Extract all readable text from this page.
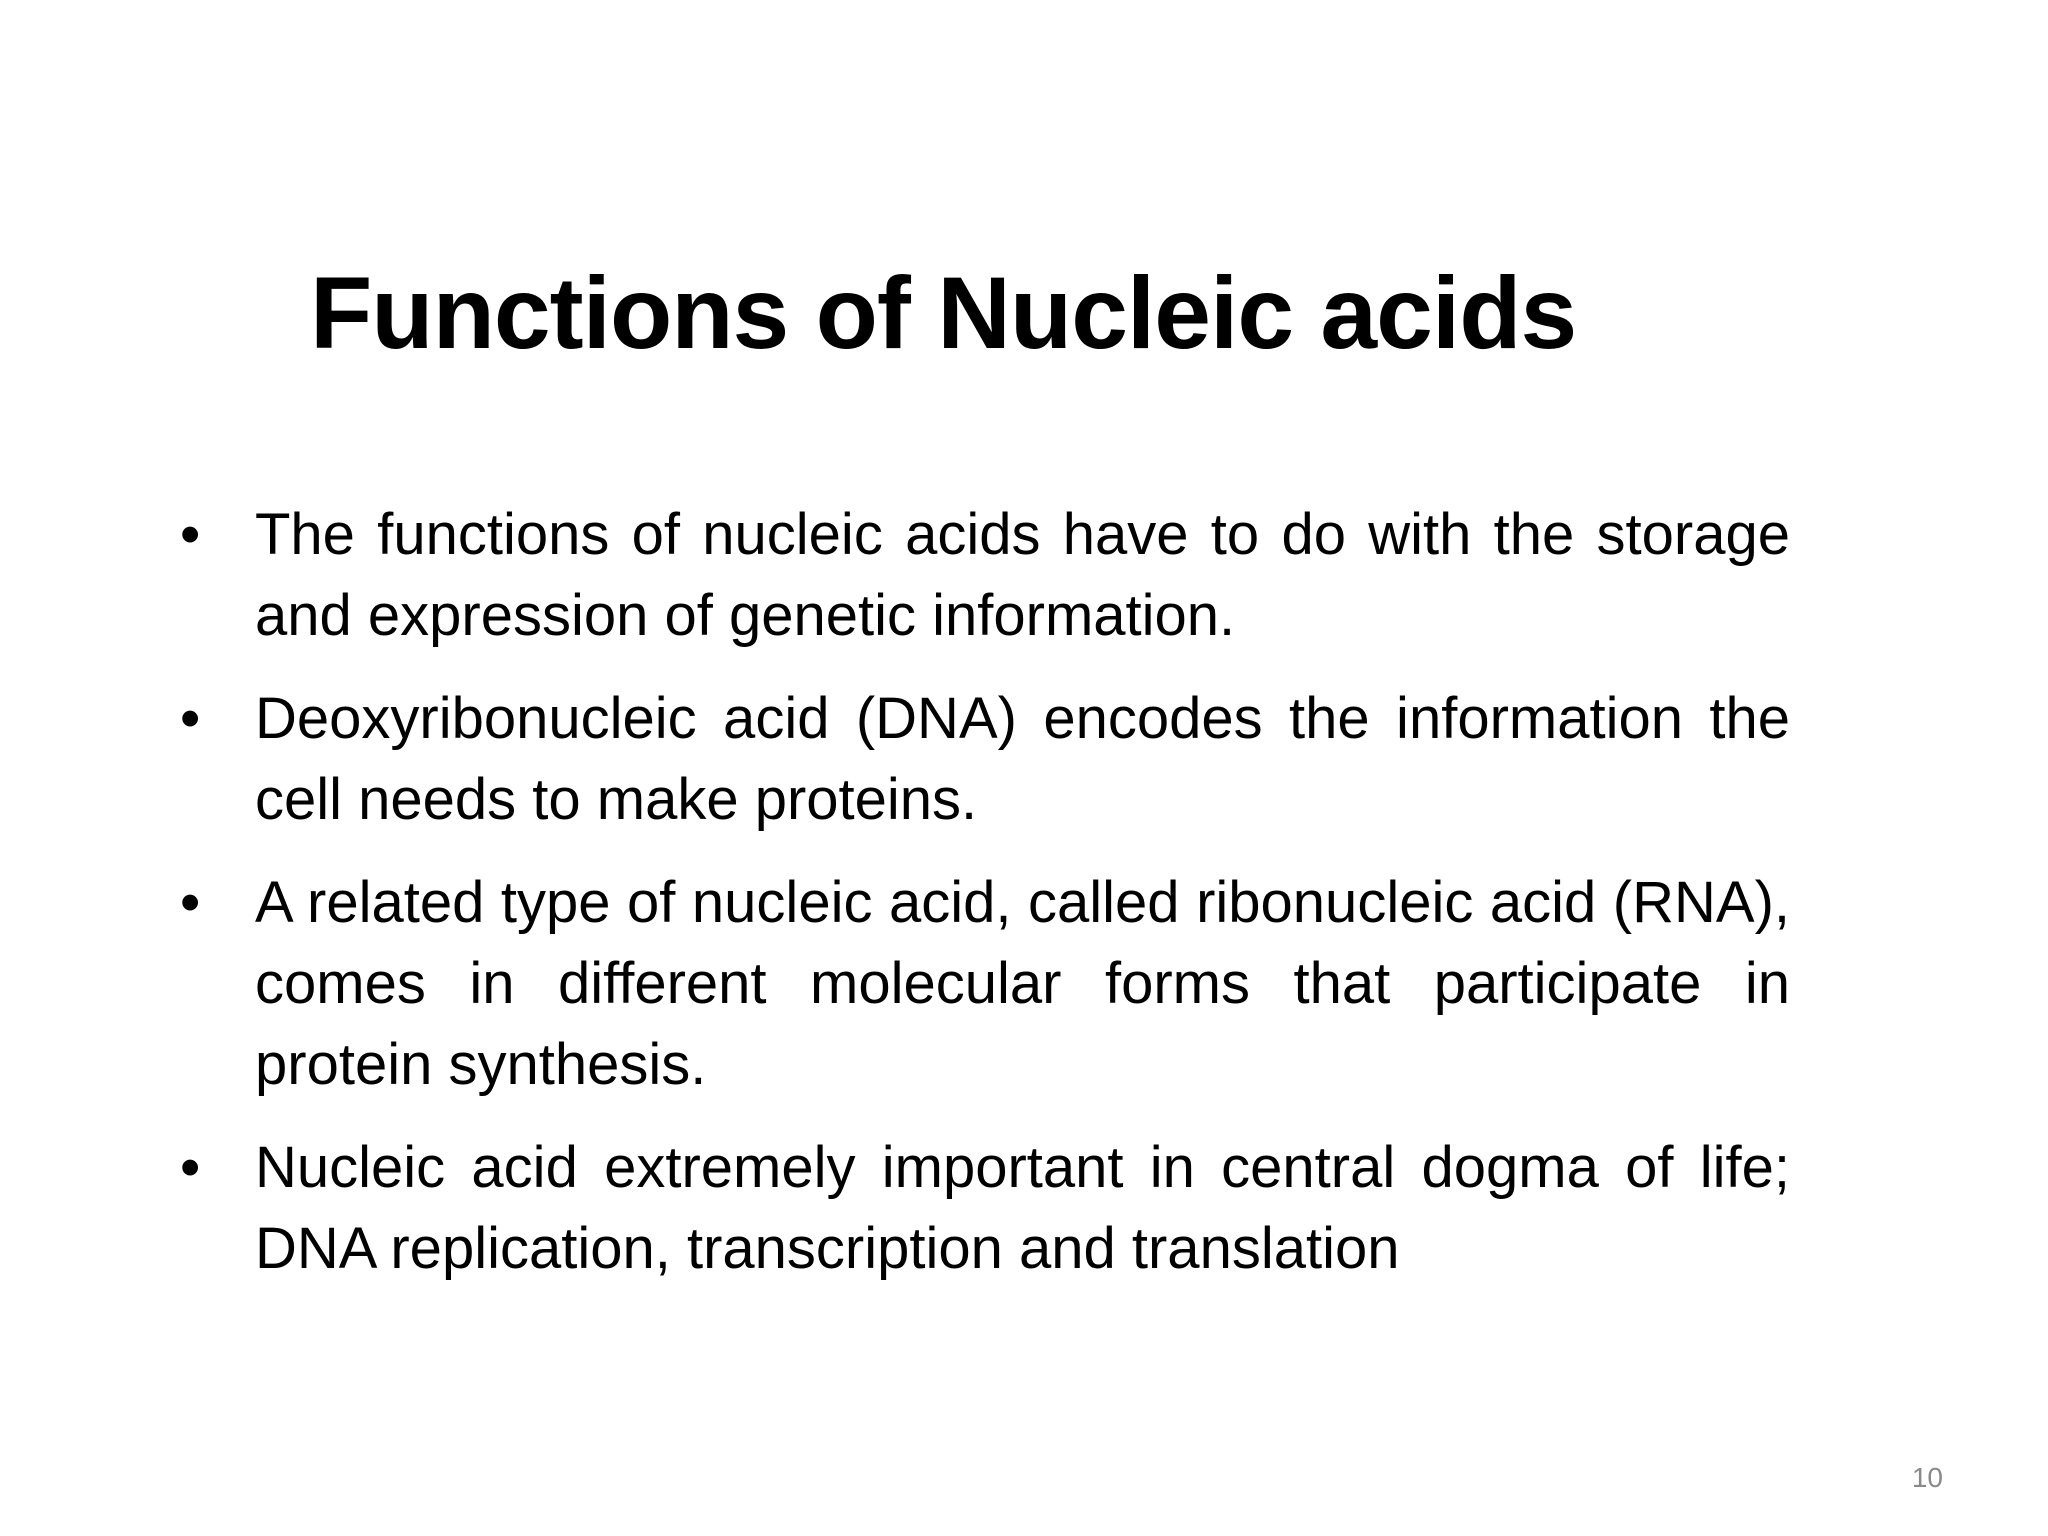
Functions of Nucleic acids
• The functions of nucleic acids have to do with the storage and expression of genetic information.
• Deoxyribonucleic acid (DNA) encodes the information the cell needs to make proteins.
• A related type of nucleic acid, called ribonucleic acid (RNA), comes in different molecular forms that participate in protein synthesis.
• Nucleic acid extremely important in central dogma of life; DNA replication, transcription and translation
10
